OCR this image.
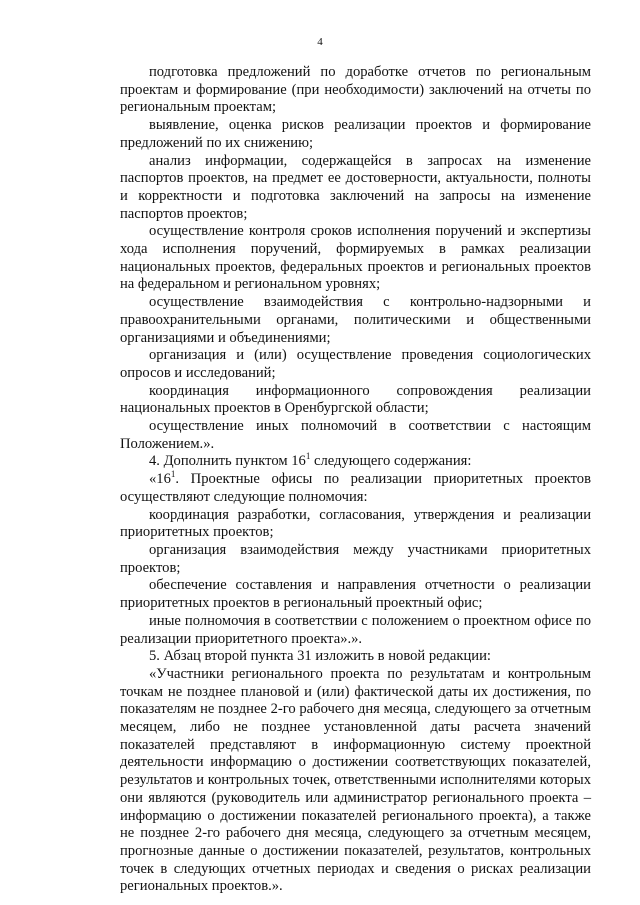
4

подготовка предложений по доработке отчетов по региональным проектам и формирование (при необходимости) заключений на отчеты по региональным проектам;

выявление, оценка рисков реализации проектов и формирование предложений по их снижению;

анализ информации, содержащейся в запросах на изменение паспортов проектов, на предмет ее достоверности, актуальности, полноты и корректности и подготовка заключений на запросы на изменение паспортов проектов;

осуществление контроля сроков исполнения поручений и экспертизы хода исполнения поручений, формируемых в рамках реализации национальных проектов, федеральных проектов и региональных проектов на федеральном и региональном уровнях;

осуществление взаимодействия с контрольно-надзорными и правоохранительными органами, политическими и общественными организациями и объединениями;

организация и (или) осуществление проведения социологических опросов и исследований;

координация информационного сопровождения реализации национальных проектов в Оренбургской области;

осуществление иных полномочий в соответствии с настоящим Положением.».

4. Дополнить пунктом $16^1$ следующего содержания:

«$16^1$. Проектные офисы по реализации приоритетных проектов осуществляют следующие полномочия:

координация разработки, согласования, утверждения и реализации приоритетных проектов;

организация взаимодействия между участниками приоритетных проектов;

обеспечение составления и направления отчетности о реализации приоритетных проектов в региональный проектный офис;

иные полномочия в соответствии с положением о проектном офисе по реализации приоритетного проекта».».

5. Абзац второй пункта 31 изложить в новой редакции:

«Участники регионального проекта по результатам и контрольным точкам не позднее плановой и (или) фактической даты их достижения, по показателям не позднее 2-го рабочего дня месяца, следующего за отчетным месяцем, либо не позднее установленной даты расчета значений показателей представляют в информационную систему проектной деятельности информацию о достижении соответствующих показателей, результатов и контрольных точек, ответственными исполнителями которых они являются (руководитель или администратор регионального проекта – информацию о достижении показателей регионального проекта), а также не позднее 2-го рабочего дня месяца, следующего за отчетным месяцем, прогнозные данные о достижении показателей, результатов, контрольных точек в следующих отчетных периодах и сведения о рисках реализации региональных проектов.».
